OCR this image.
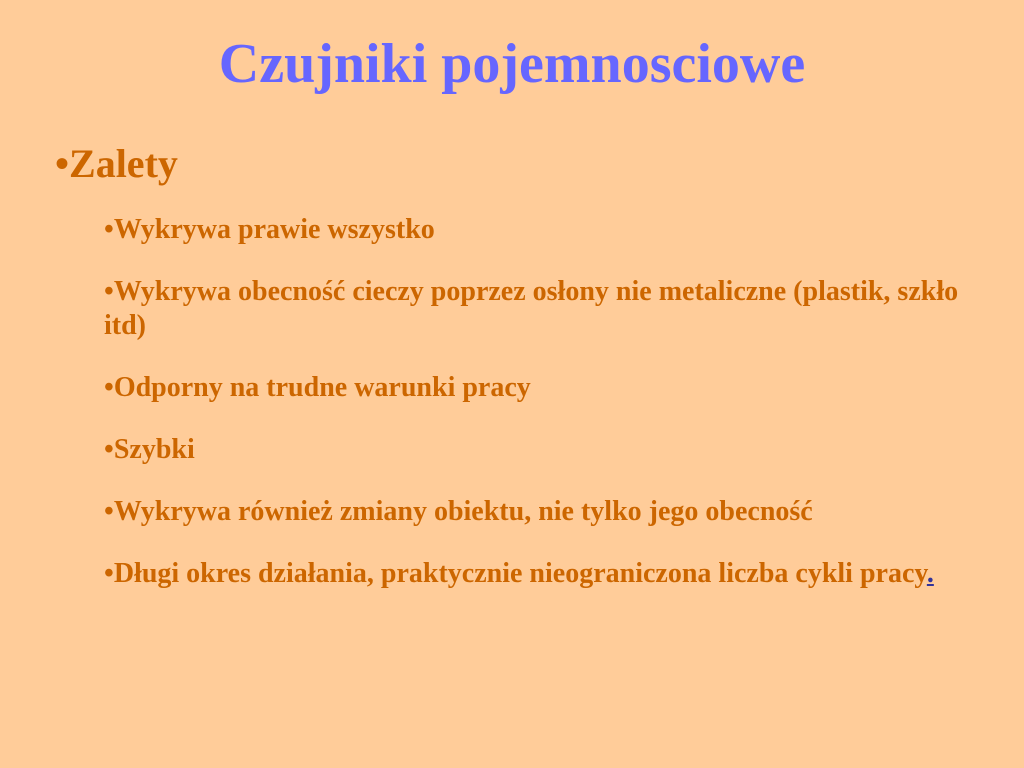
Czujniki pojemnosciowe
•Zalety
•Wykrywa prawie wszystko
•Wykrywa obecność cieczy poprzez osłony nie metaliczne (plastik, szkło itd)
•Odporny na trudne warunki pracy
•Szybki
•Wykrywa również zmiany obiektu, nie tylko jego obecność
•Długi okres działania, praktycznie nieograniczona liczba cykli pracy.
